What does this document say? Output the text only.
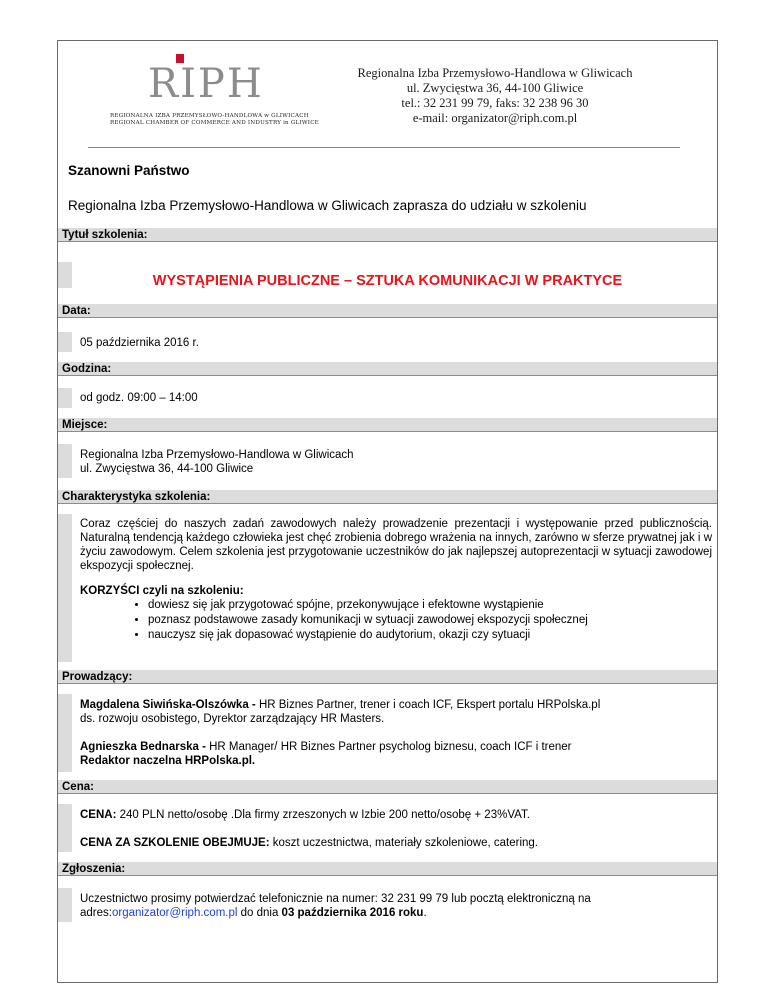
RIPH
REGIONALNA IZBA PRZEMYSŁOWO-HANDLOWA w GLIWICACH
REGIONAL CHAMBER OF COMMERCE AND INDUSTRY in GLIWICE
Regionalna Izba Przemysłowo-Handlowa w Gliwicach
ul. Zwycięstwa 36, 44-100 Gliwice
tel.: 32 231 99 79, faks: 32 238 96 30
e-mail: organizator@riph.com.pl
Szanowni Państwo
Regionalna Izba Przemysłowo-Handlowa w Gliwicach zaprasza do udziału w szkoleniu
Tytuł szkolenia:
WYSTĄPIENIA PUBLICZNE – SZTUKA KOMUNIKACJI W PRAKTYCE
Data:
05 października 2016 r.
Godzina:
od godz. 09:00 – 14:00
Miejsce:
Regionalna Izba Przemysłowo-Handlowa w Gliwicach
ul. Zwycięstwa 36, 44-100 Gliwice
Charakterystyka szkolenia:
Coraz częściej do naszych zadań zawodowych należy prowadzenie prezentacji i występowanie przed publicznością. Naturalną tendencją każdego człowieka jest chęć zrobienia dobrego wrażenia na innych, zarówno w sferze prywatnej jak i w życiu zawodowym. Celem szkolenia jest przygotowanie uczestników do jak najlepszej autoprezentacji w sytuacji zawodowej ekspozycji społecznej.
KORZYŚCI czyli na szkoleniu:
• dowiesz się jak przygotować spójne, przekonywujące i efektowne wystąpienie
• poznasz podstawowe zasady komunikacji w sytuacji zawodowej ekspozycji społecznej
• nauczysz się jak dopasować wystąpienie do audytorium, okazji czy sytuacji
Prowadzący:
Magdalena Siwińska-Olszówka - HR Biznes Partner, trener i coach ICF, Ekspert portalu HRPolska.pl
ds. rozwoju osobistego, Dyrektor zarządzający HR Masters.
Agnieszka Bednarska - HR Manager/ HR Biznes Partner psycholog biznesu, coach ICF i trener
Redaktor naczelna HRPolska.pl.
Cena:
CENA: 240 PLN netto/osobę .Dla firmy zrzeszonych w Izbie 200 netto/osobę + 23%VAT.
CENA ZA SZKOLENIE OBEJMUJE: koszt uczestnictwa, materiały szkoleniowe, catering.
Zgłoszenia:
Uczestnictwo prosimy potwierdzać telefonicznie na numer: 32 231 99 79 lub pocztą elektroniczną na
adres:organizator@riph.com.pl do dnia 03 października 2016 roku.
